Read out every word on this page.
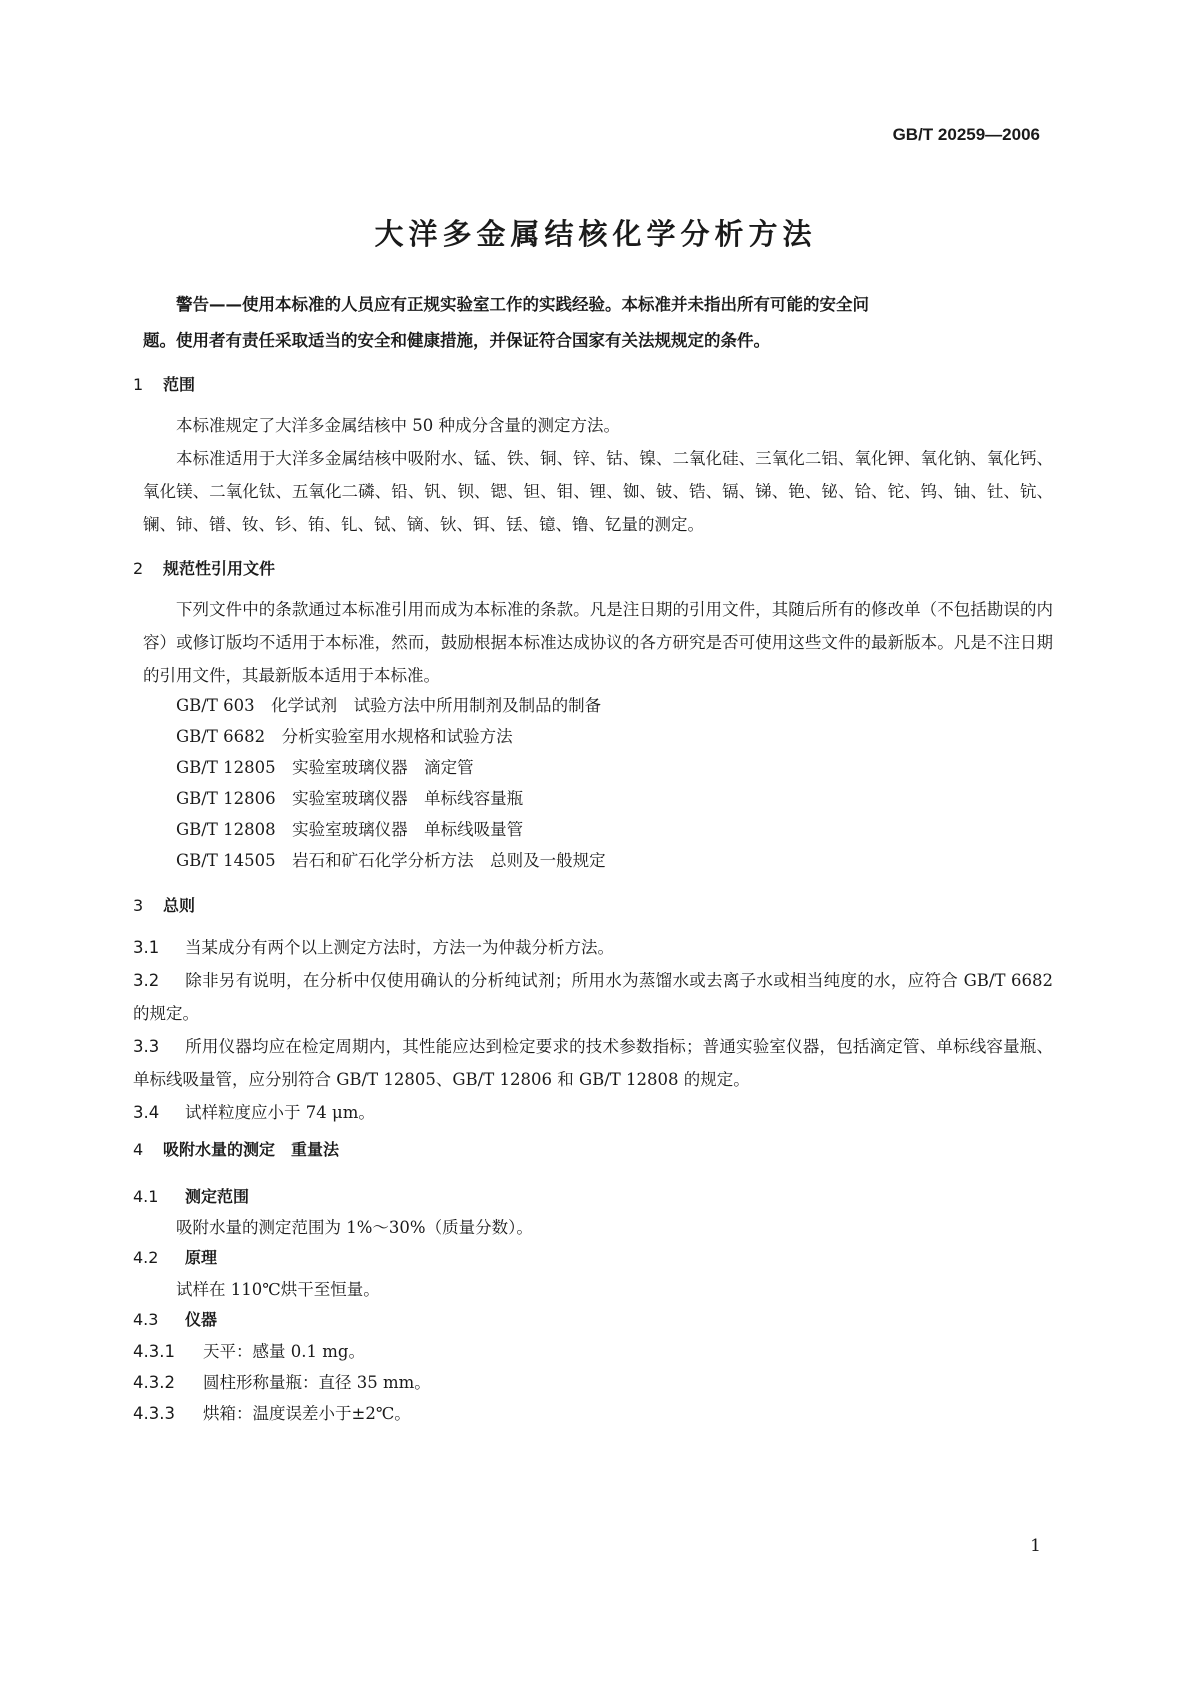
GB/T 20259—2006
大洋多金属结核化学分析方法

警告——使用本标准的人员应有正规实验室工作的实践经验。本标准并未指出所有可能的安全问

题。使用者有责任采取适当的安全和健康措施，并保证符合国家有关法规规定的条件。

1 范围

本标准规定了大洋多金属结核中 50 种成分含量的测定方法。

本标准适用于大洋多金属结核中吸附水、锰、铁、铜、锌、钴、镍、二氧化硅、三氧化二铝、氧化钾、氧化钠、氧化钙、氧化镁、二氧化钛、五氧化二磷、铅、钒、钡、锶、钽、钼、锂、铷、铍、锆、镉、锑、铯、铋、铪、铊、钨、铀、钍、钪、镧、铈、镨、钕、钐、铕、钆、铽、镝、钬、铒、铥、镱、镥、钇量的测定。

2 规范性引用文件

下列文件中的条款通过本标准引用而成为本标准的条款。凡是注日期的引用文件，其随后所有的修改单（不包括勘误的内容）或修订版均不适用于本标准，然而，鼓励根据本标准达成协议的各方研究是否可使用这些文件的最新版本。凡是不注日期的引用文件，其最新版本适用于本标准。

GB/T 603　 化学试剂　试验方法中所用制剂及制品的制备
GB/T 6682　 分析实验室用水规格和试验方法
GB/T 12805　 实验室玻璃仪器　滴定管
GB/T 12806　 实验室玻璃仪器　单标线容量瓶
GB/T 12808　 实验室玻璃仪器　单标线吸量管
GB/T 14505　 岩石和矿石化学分析方法　总则及一般规定
3 总则

3.1 当某成分有两个以上测定方法时，方法一为仲裁分析方法。

3.2 除非另有说明，在分析中仅使用确认的分析纯试剂；所用水为蒸馏水或去离子水或相当纯度的水，应符合 GB/T 6682 的规定。

3.3 所用仪器均应在检定周期内，其性能应达到检定要求的技术参数指标；普通实验室仪器，包括滴定管、单标线容量瓶、单标线吸量管，应分别符合 GB/T 12805、GB/T 12806 和 GB/T 12808 的规定。

3.4 试样粒度应小于 74 μm。

4 吸附水量的测定　重量法
4.1 测定范围
吸附水量的测定范围为 1%～30%（质量分数）。
4.2 原理
试样在 110℃烘干至恒量。
4.3 仪器
4.3.1 天平：感量 0.1 mg。
4.3.2 圆柱形称量瓶：直径 35 mm。
4.3.3 烘箱：温度误差小于±2℃。
1
